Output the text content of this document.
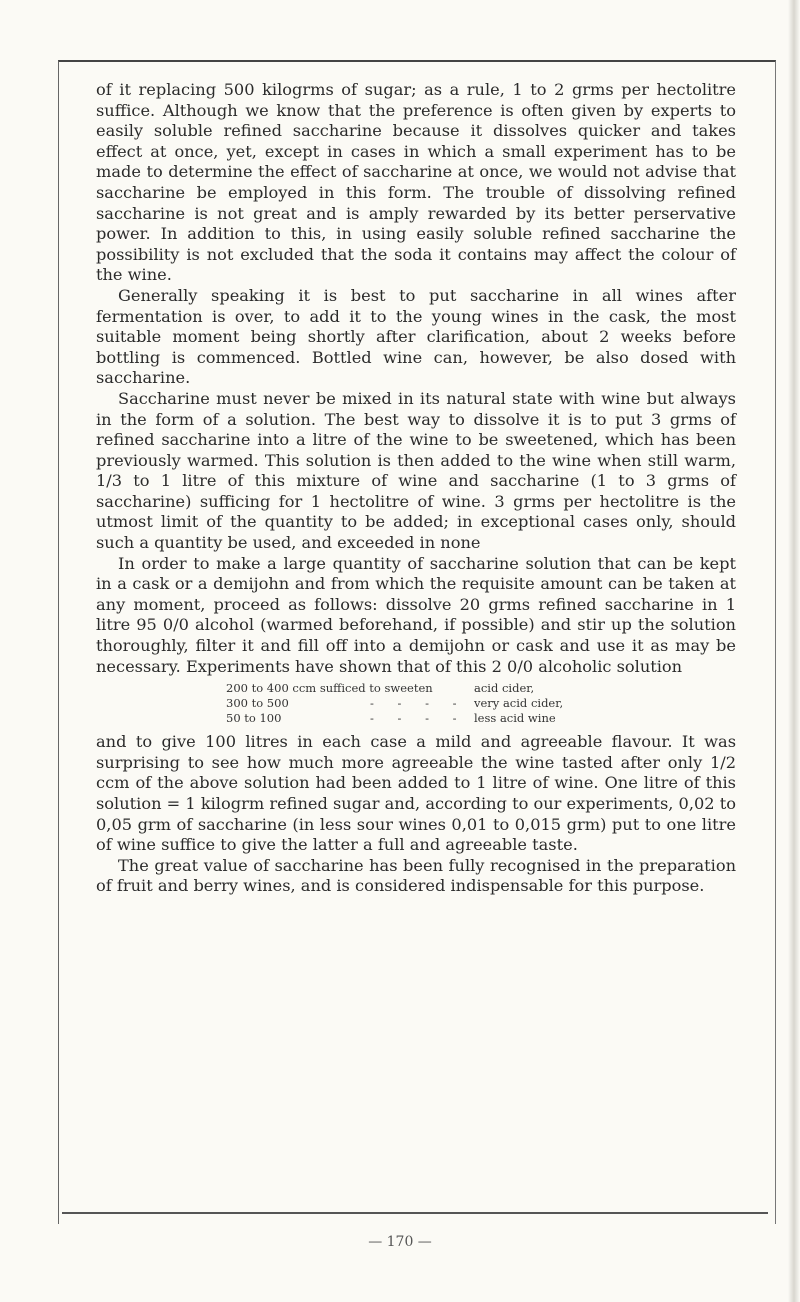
of it replacing 500 kilogrms of sugar; as a rule, 1 to 2 grms per hectolitre suffice. Although we know that the preference is often given by experts to easily soluble refined saccharine because it dissolves quicker and takes effect at once, yet, except in cases in which a small experiment has to be made to determine the effect of saccharine at once, we would not advise that saccharine be employed in this form. The trouble of dissolving refined saccharine is not great and is amply rewarded by its better perservative power. In addition to this, in using easily soluble refined saccharine the possibility is not excluded that the soda it contains may affect the colour of the wine.

Generally speaking it is best to put saccharine in all wines after fermentation is over, to add it to the young wines in the cask, the most suitable moment being shortly after clarification, about 2 weeks before bottling is commenced. Bottled wine can, however, be also dosed with saccharine.

Saccharine must never be mixed in its natural state with wine but always in the form of a solution. The best way to dissolve it is to put 3 grms of refined saccharine into a litre of the wine to be sweetened, which has been previously warmed. This solution is then added to the wine when still warm, 1/3 to 1 litre of this mixture of wine and saccharine (1 to 3 grms of saccharine) sufficing for 1 hectolitre of wine. 3 grms per hectolitre is the utmost limit of the quantity to be added; in exceptional cases only, should such a quantity be used, and exceeded in none

In order to make a large quantity of saccharine solution that can be kept in a cask or a demijohn and from which the requisite amount can be taken at any moment, proceed as follows: dissolve 20 grms refined saccharine in 1 litre 95 0/0 alcohol (warmed beforehand, if possible) and stir up the solution thoroughly, filter it and fill off into a demijohn or cask and use it as may be necessary. Experiments have shown that of this 2 0/0 alcoholic solution

200 to 400 ccm sufficed to sweeten		acid cider,
300 to 500	- - - -	very acid cider,
50 to 100	- - - -	less acid wine

and to give 100 litres in each case a mild and agreeable flavour. It was surprising to see how much more agreeable the wine tasted after only 1/2 ccm of the above solution had been added to 1 litre of wine. One litre of this solution = 1 kilogrm refined sugar and, according to our experiments, 0,02 to 0,05 grm of saccharine (in less sour wines 0,01 to 0,015 grm) put to one litre of wine suffice to give the latter a full and agreeable taste.

The great value of saccharine has been fully recognised in the preparation of fruit and berry wines, and is considered indispensable for this purpose.

— 170 —
